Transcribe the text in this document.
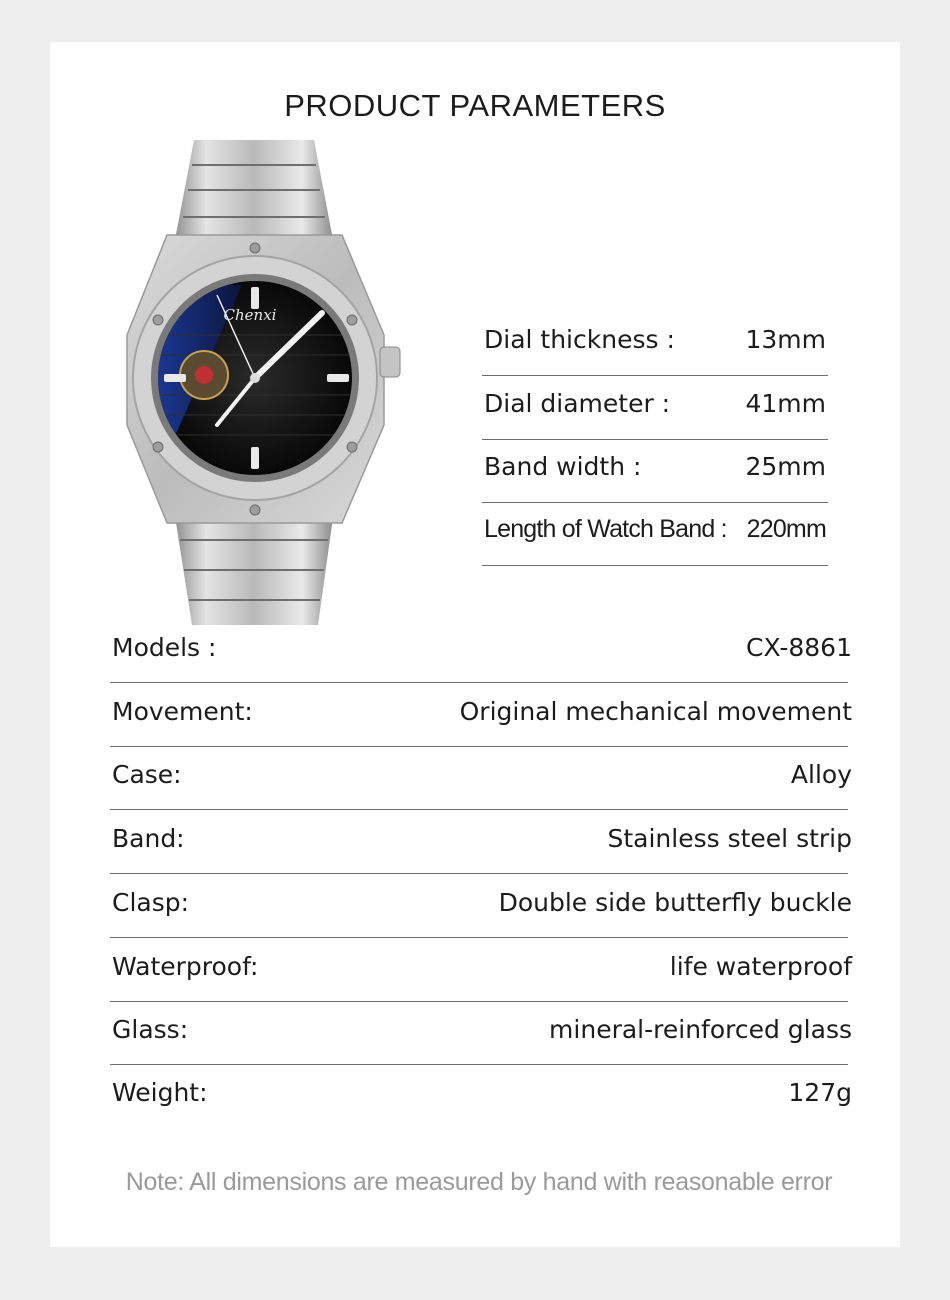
PRODUCT PARAMETERS
Chenxi
Dial thickness :	13mm
Dial diameter :	41mm
Band width :	25mm
Length of Watch Band : 220mm
Models :	CX-8861
Movement:	Original mechanical movement
Case:	Alloy
Band:	Stainless steel strip
Clasp:	Double side butterfly buckle
Waterproof:	life waterproof
Glass:	mineral-reinforced glass
Weight:	127g
Note: All dimensions are measured by hand with reasonable error
